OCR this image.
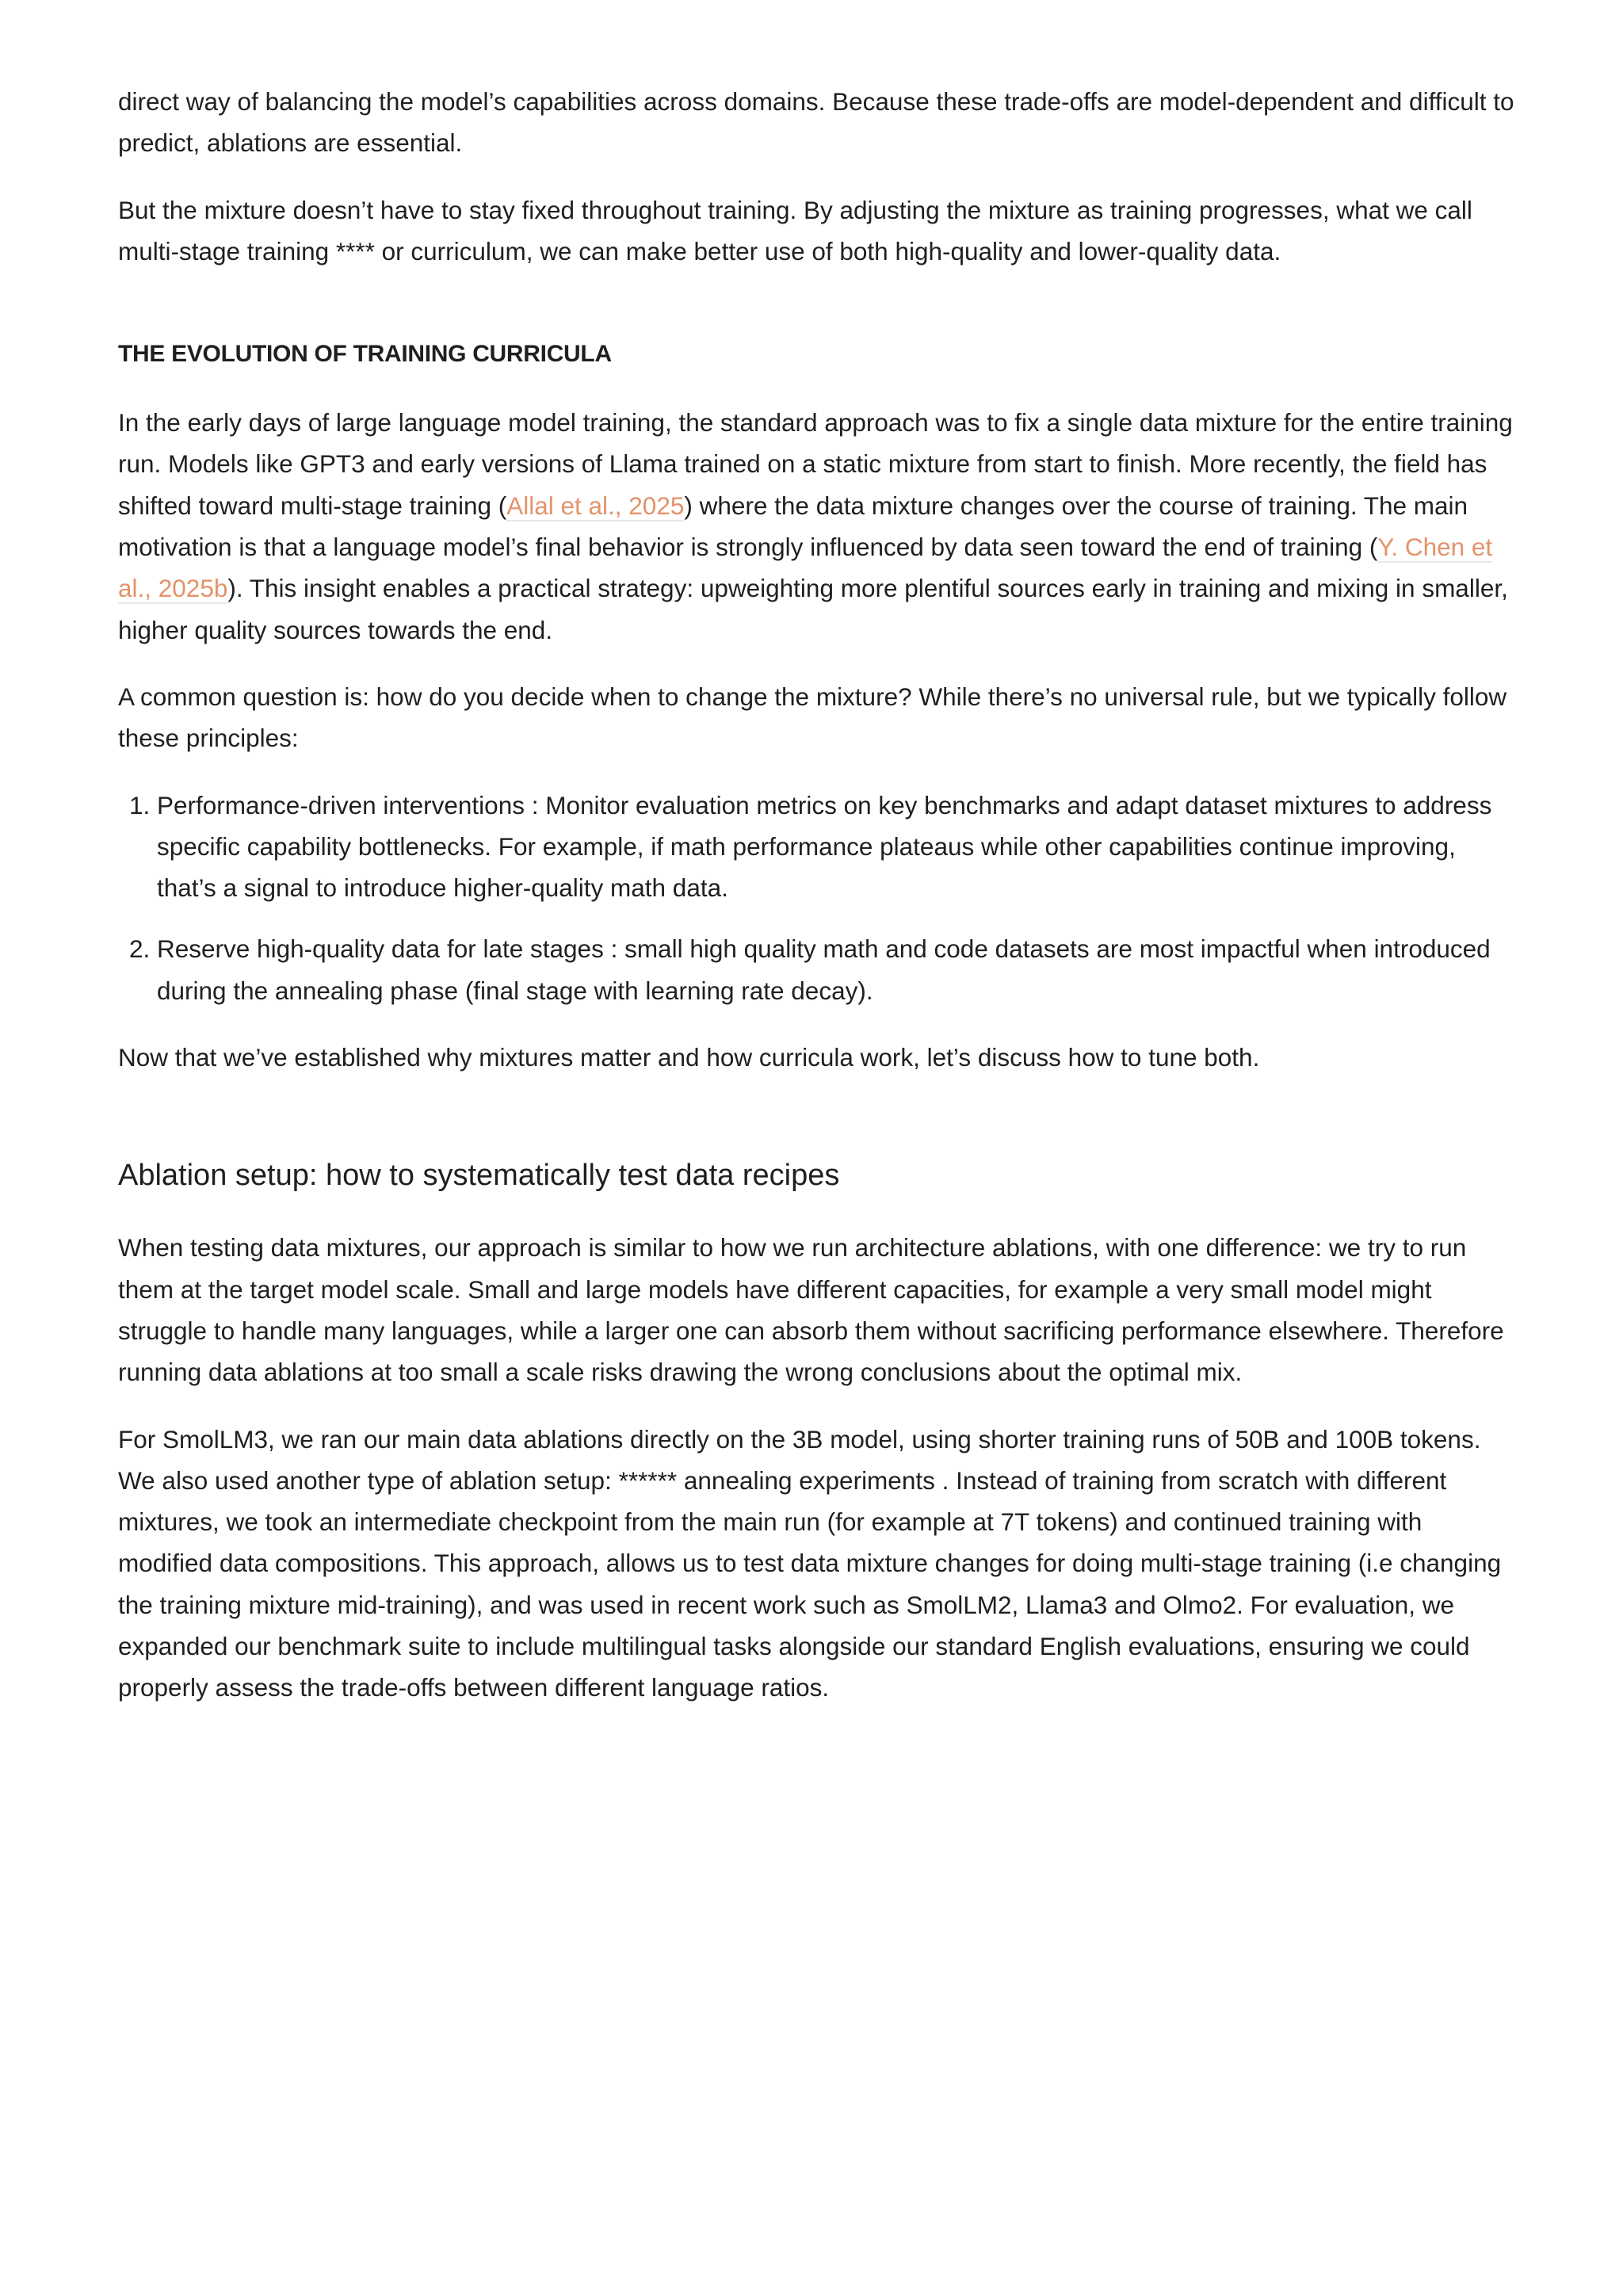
direct way of balancing the model’s capabilities across domains. Because these trade-offs are model-dependent and difficult to predict, ablations are essential.

But the mixture doesn’t have to stay fixed throughout training. By adjusting the mixture as training progresses, what we call multi-stage training **** or curriculum, we can make better use of both high-quality and lower-quality data.

THE EVOLUTION OF TRAINING CURRICULA

In the early days of large language model training, the standard approach was to fix a single data mixture for the entire training run. Models like GPT3 and early versions of Llama trained on a static mixture from start to finish. More recently, the field has shifted toward multi-stage training (Allal et al., 2025) where the data mixture changes over the course of training. The main motivation is that a language model’s final behavior is strongly influenced by data seen toward the end of training (Y. Chen et al., 2025b). This insight enables a practical strategy: upweighting more plentiful sources early in training and mixing in smaller, higher quality sources towards the end.

A common question is: how do you decide when to change the mixture? While there’s no universal rule, but we typically follow these principles:

1. Performance-driven interventions : Monitor evaluation metrics on key benchmarks and adapt dataset mixtures to address specific capability bottlenecks. For example, if math performance plateaus while other capabilities continue improving, that’s a signal to introduce higher-quality math data.
2. Reserve high-quality data for late stages : small high quality math and code datasets are most impactful when introduced during the annealing phase (final stage with learning rate decay).

Now that we’ve established why mixtures matter and how curricula work, let’s discuss how to tune both.

Ablation setup: how to systematically test data recipes

When testing data mixtures, our approach is similar to how we run architecture ablations, with one difference: we try to run them at the target model scale. Small and large models have different capacities, for example a very small model might struggle to handle many languages, while a larger one can absorb them without sacrificing performance elsewhere. Therefore running data ablations at too small a scale risks drawing the wrong conclusions about the optimal mix.

For SmolLM3, we ran our main data ablations directly on the 3B model, using shorter training runs of 50B and 100B tokens. We also used another type of ablation setup: ****** annealing experiments . Instead of training from scratch with different mixtures, we took an intermediate checkpoint from the main run (for example at 7T tokens) and continued training with modified data compositions. This approach, allows us to test data mixture changes for doing multi-stage training (i.e changing the training mixture mid-training), and was used in recent work such as SmolLM2, Llama3 and Olmo2. For evaluation, we expanded our benchmark suite to include multilingual tasks alongside our standard English evaluations, ensuring we could properly assess the trade-offs between different language ratios.
